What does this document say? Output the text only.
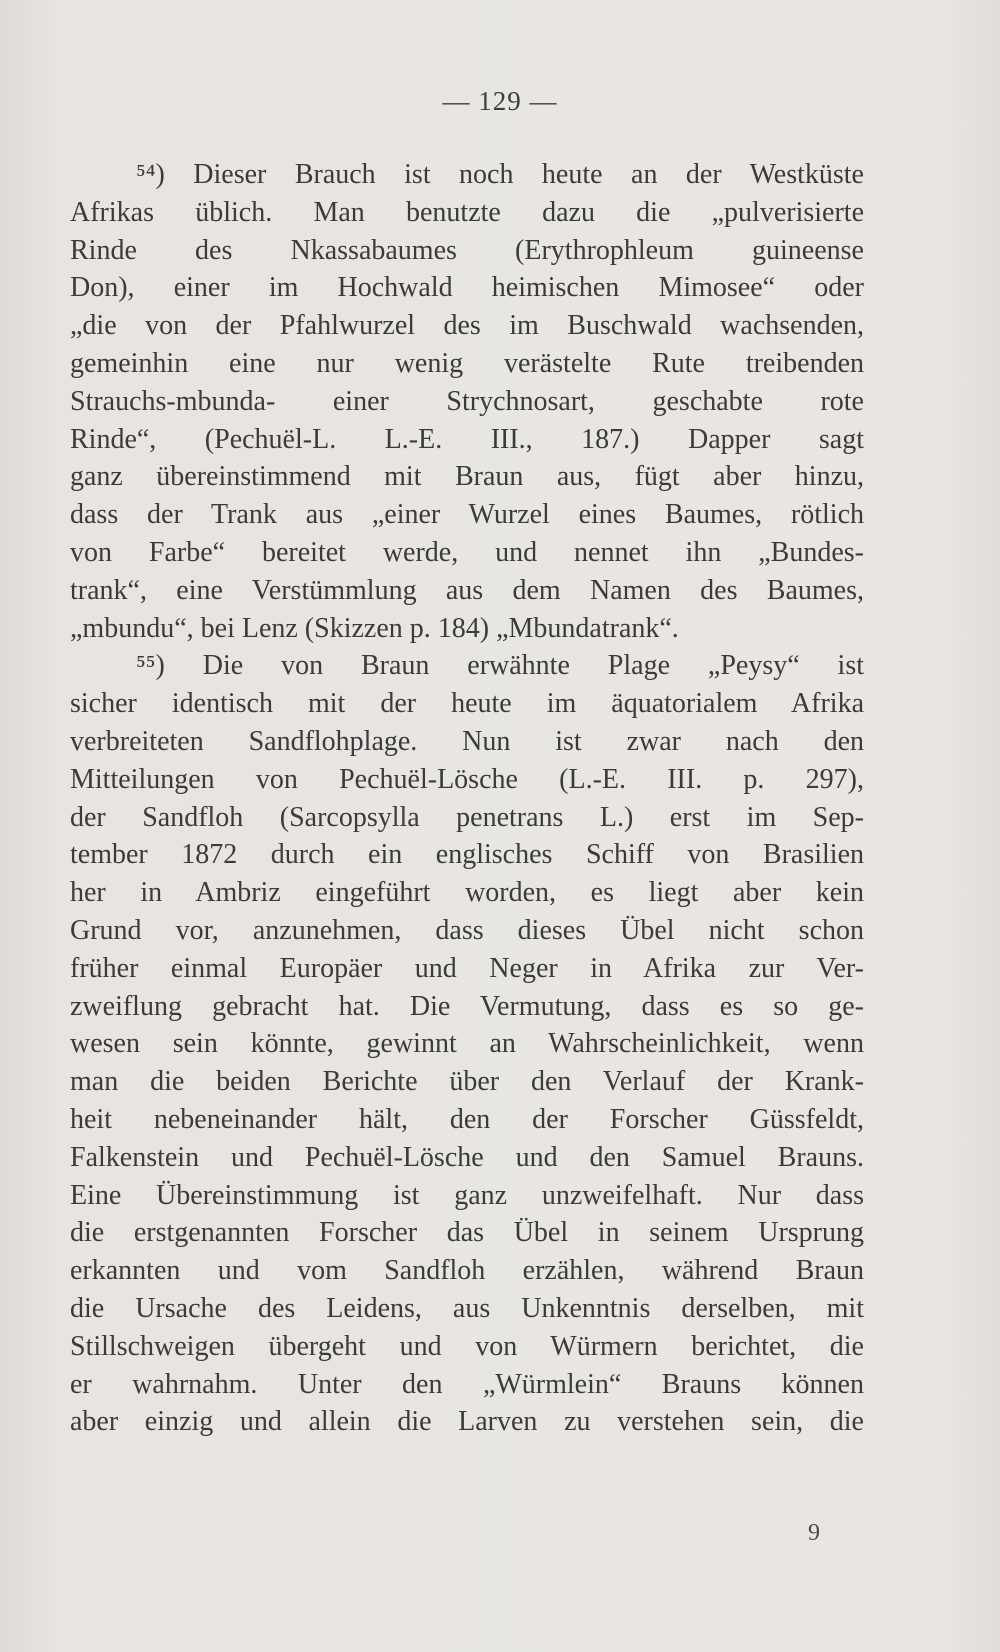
— 129 —
⁵⁴) Dieser Brauch ist noch heute an der Westküste
Afrikas üblich. Man benutzte dazu die „pulverisierte
Rinde des Nkassabaumes (Erythrophleum guineense
Don), einer im Hochwald heimischen Mimosee“ oder
„die von der Pfahlwurzel des im Buschwald wachsenden,
gemeinhin eine nur wenig verästelte Rute treibenden
Strauchs-mbunda- einer Strychnosart, geschabte rote
Rinde“, (Pechuël-L. L.-E. III., 187.) Dapper sagt
ganz übereinstimmend mit Braun aus, fügt aber hinzu,
dass der Trank aus „einer Wurzel eines Baumes, rötlich
von Farbe“ bereitet werde, und nennet ihn „Bundes-
trank“, eine Verstümmlung aus dem Namen des Baumes,
„mbundu“, bei Lenz (Skizzen p. 184) „Mbundatrank“.
⁵⁵) Die von Braun erwähnte Plage „Peysy“ ist
sicher identisch mit der heute im äquatorialem Afrika
verbreiteten Sandflohplage. Nun ist zwar nach den
Mitteilungen von Pechuël-Lösche (L.-E. III. p. 297),
der Sandfloh (Sarcopsylla penetrans L.) erst im Sep-
tember 1872 durch ein englisches Schiff von Brasilien
her in Ambriz eingeführt worden, es liegt aber kein
Grund vor, anzunehmen, dass dieses Übel nicht schon
früher einmal Europäer und Neger in Afrika zur Ver-
zweiflung gebracht hat. Die Vermutung, dass es so ge-
wesen sein könnte, gewinnt an Wahrscheinlichkeit, wenn
man die beiden Berichte über den Verlauf der Krank-
heit nebeneinander hält, den der Forscher Güssfeldt,
Falkenstein und Pechuël-Lösche und den Samuel Brauns.
Eine Übereinstimmung ist ganz unzweifelhaft. Nur dass
die erstgenannten Forscher das Übel in seinem Ursprung
erkannten und vom Sandfloh erzählen, während Braun
die Ursache des Leidens, aus Unkenntnis derselben, mit
Stillschweigen übergeht und von Würmern berichtet, die
er wahrnahm. Unter den „Würmlein“ Brauns können
aber einzig und allein die Larven zu verstehen sein, die
9
